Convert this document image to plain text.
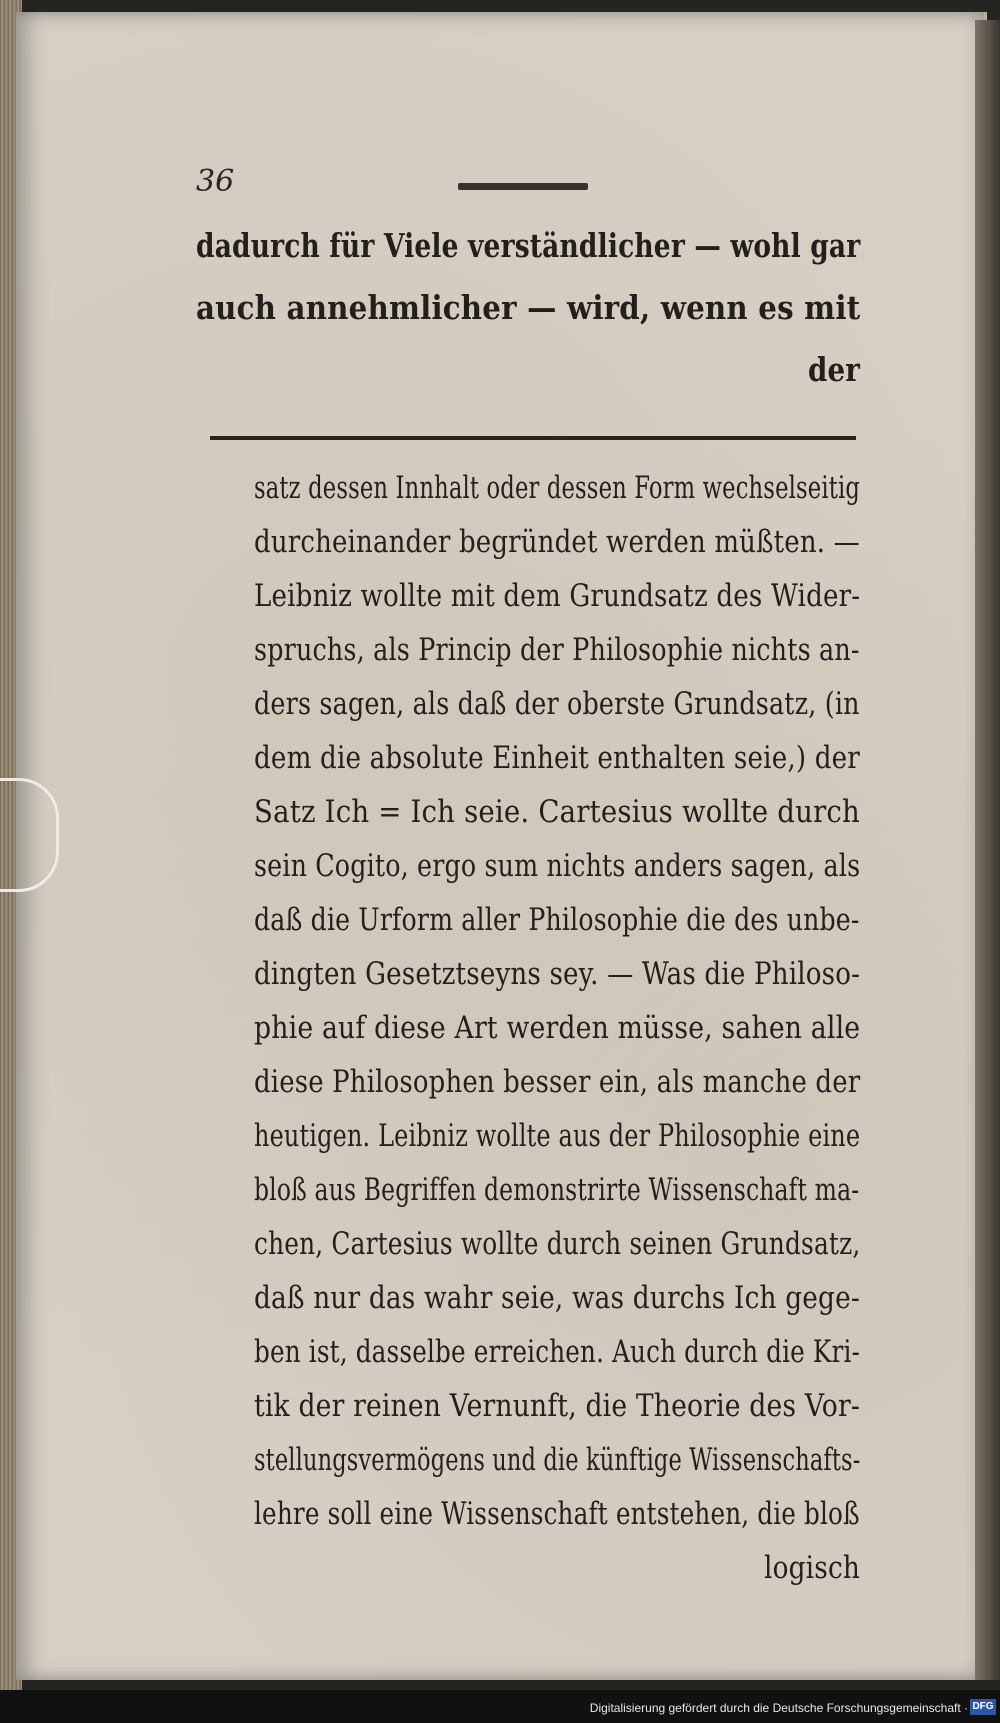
36
dadurch für Viele verständlicher — wohl gar
auch annehmlicher — wird, wenn es mit
der
satz dessen Innhalt oder dessen Form wechselseitig
durcheinander begründet werden müßten. —
Leibniz wollte mit dem Grundsatz des Wider-
spruchs, als Princip der Philosophie nichts an-
ders sagen, als daß der oberste Grundsatz, (in
dem die absolute Einheit enthalten seie,) der
Satz Ich = Ich seie. Cartesius wollte durch
sein Cogito, ergo sum nichts anders sagen, als
daß die Urform aller Philosophie die des unbe-
dingten Gesetztseyns sey. — Was die Philoso-
phie auf diese Art werden müsse, sahen alle
diese Philosophen besser ein, als manche der
heutigen. Leibniz wollte aus der Philosophie eine
bloß aus Begriffen demonstrirte Wissenschaft ma-
chen, Cartesius wollte durch seinen Grundsatz,
daß nur das wahr seie, was durchs Ich gege-
ben ist, dasselbe erreichen. Auch durch die Kri-
tik der reinen Vernunft, die Theorie des Vor-
stellungsvermögens und die künftige Wissenschafts-
lehre soll eine Wissenschaft entstehen, die bloß
logisch
Digitalisierung gefördert durch die Deutsche Forschungsgemeinschaft · DFG
